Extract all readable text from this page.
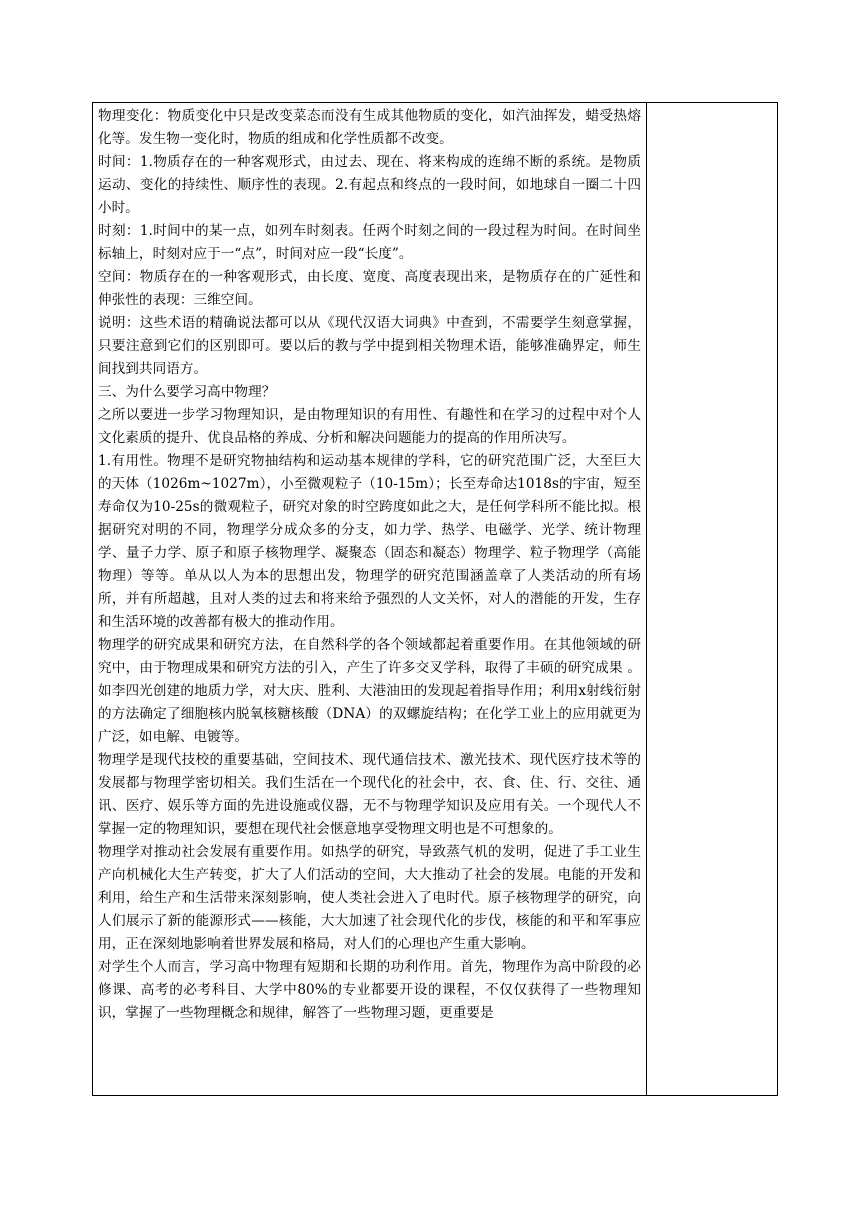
物理变化：物质变化中只是改变菜态而没有生成其他物质的变化，如汽油挥发，蜡受热熔化等。发生物一变化时，物质的组成和化学性质都不改变。

时间：1.物质存在的一种客观形式，由过去、现在、将来构成的连绵不断的系统。是物质运动、变化的持续性、顺序性的表现。2.有起点和终点的一段时间，如地球自一圈二十四小时。

时刻：1.时间中的某一点，如列车时刻表。任两个时刻之间的一段过程为时间。在时间坐标轴上，时刻对应于一“点”，时间对应一段“长度”。

空间：物质存在的一种客观形式，由长度、宽度、高度表现出来，是物质存在的广延性和伸张性的表现：三维空间。

说明：这些术语的精确说法都可以从《现代汉语大词典》中查到，不需要学生刻意掌握，只要注意到它们的区别即可。要以后的教与学中提到相关物理术语，能够准确界定，师生间找到共同语方。

三、为什么要学习高中物理？

之所以要进一步学习物理知识，是由物理知识的有用性、有趣性和在学习的过程中对个人文化素质的提升、优良品格的养成、分析和解决问题能力的提高的作用所决写。

1.有用性。物理不是研究物抽结构和运动基本规律的学科，它的研究范围广泛，大至巨大的天体（1026m~1027m），小至微观粒子（10-15m）；长至寿命达1018s的宇宙，短至寿命仅为10-25s的微观粒子，研究对象的时空跨度如此之大，是任何学科所不能比拟。根据研究对明的不同，物理学分成众多的分支，如力学、热学、电磁学、光学、统计物理学、量子力学、原子和原子核物理学、凝聚态（固态和凝态）物理学、粒子物理学（高能物理）等等。单从以人为本的思想出发，物理学的研究范围涵盖章了人类活动的所有场所，并有所超越，且对人类的过去和将来给予强烈的人文关怀，对人的潜能的开发，生存和生活环境的改善都有极大的推动作用。

物理学的研究成果和研究方法，在自然科学的各个领域都起着重要作用。在其他领域的研究中，由于物理成果和研究方法的引入，产生了许多交叉学科，取得了丰硕的研究成果 。如李四光创建的地质力学，对大庆、胜利、大港油田的发现起着指导作用；利用x射线衍射的方法确定了细胞核内脱氧核糖核酸（DNA）的双螺旋结构；在化学工业上的应用就更为广泛，如电解、电镀等。

物理学是现代技校的重要基础，空间技术、现代通信技术、激光技术、现代医疗技术等的发展都与物理学密切相关。我们生活在一个现代化的社会中，衣、食、住、行、交往、通讯、医疗、娱乐等方面的先进设施或仪器，无不与物理学知识及应用有关。一个现代人不掌握一定的物理知识，要想在现代社会惬意地享受物理文明也是不可想象的。

物理学对推动社会发展有重要作用。如热学的研究，导致蒸气机的发明，促进了手工业生产向机械化大生产转变，扩大了人们活动的空间，大大推动了社会的发展。电能的开发和利用，给生产和生活带来深刻影响，使人类社会进入了电时代。原子核物理学的研究，向人们展示了新的能源形式——核能，大大加速了社会现代化的步伐，核能的和平和军事应用，正在深刻地影响着世界发展和格局，对人们的心理也产生重大影响。

对学生个人而言，学习高中物理有短期和长期的功利作用。首先，物理作为高中阶段的必修课、高考的必考科目、大学中80%的专业都要开设的课程，不仅仅获得了一些物理知识，掌握了一些物理概念和规律，解答了一些物理习题，更重要是
